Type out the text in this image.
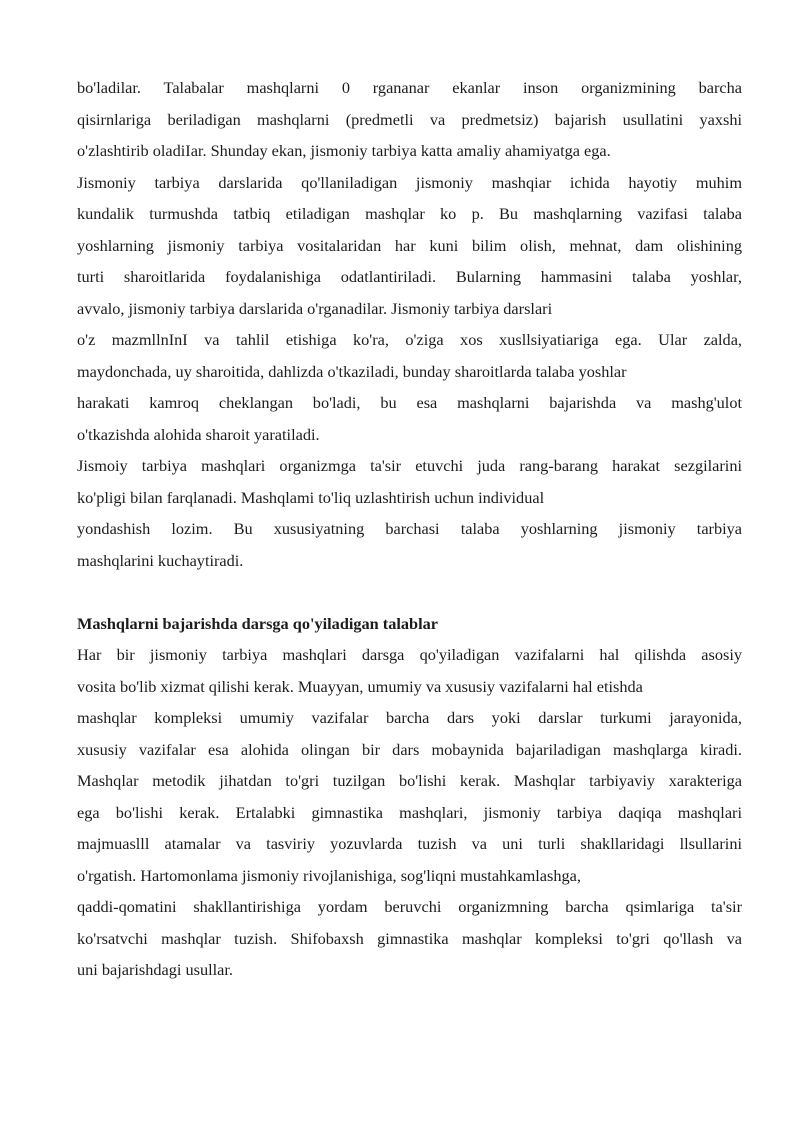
bo'ladilar. Talabalar mashqlarni 0 rgananar ekanlar inson organizmining barcha
qisirnlariga beriladigan mashqlarni (predmetli va predmetsiz) bajarish usullatini yaxshi
o'zlashtirib oladiIar. Shunday ekan, jismoniy tarbiya katta amaliy ahamiyatga ega.
Jismoniy tarbiya darslarida qo'llaniladigan jismoniy mashqiar ichida hayotiy muhim
kundalik turmushda tatbiq etiladigan mashqlar ko p. Bu mashqlarning vazifasi talaba
yoshlarning jismoniy tarbiya vositalaridan har kuni bilim olish, mehnat, dam olishining
turti sharoitlarida foydalanishiga odatlantiriladi. Bularning hammasini talaba yoshlar,
avvalo, jismoniy tarbiya darslarida o'rganadilar. Jismoniy tarbiya darslari
o'z mazmllnInI va tahlil etishiga ko'ra, o'ziga xos xusllsiyatiariga ega. Ular zalda,
maydonchada, uy sharoitida, dahlizda o'tkaziladi, bunday sharoitlarda talaba yoshlar
harakati kamroq cheklangan bo'ladi, bu esa mashqlarni bajarishda va mashg'ulot
o'tkazishda alohida sharoit yaratiladi.
Jismoiy tarbiya mashqlari organizmga ta'sir etuvchi juda rang-barang harakat sezgilarini
ko'pligi bilan farqlanadi. Mashqlami to'liq uzlashtirish uchun individual
yondashish lozim. Bu xususiyatning barchasi talaba yoshlarning jismoniy tarbiya
mashqlarini kuchaytiradi.
Mashqlarni bajarishda darsga qo'yiladigan talablar
Har bir jismoniy tarbiya mashqlari darsga qo'yiladigan vazifalarni hal qilishda asosiy
vosita bo'lib xizmat qilishi kerak. Muayyan, umumiy va xususiy vazifalarni hal etishda
mashqlar kompleksi umumiy vazifalar barcha dars yoki darslar turkumi jarayonida,
xususiy vazifalar esa alohida olingan bir dars mobaynida bajariladigan mashqlarga kiradi.
Mashqlar metodik jihatdan to'gri tuzilgan bo'lishi kerak. Mashqlar tarbiyaviy xarakteriga
ega bo'lishi kerak. Ertalabki gimnastika mashqlari, jismoniy tarbiya daqiqa mashqlari
majmuaslll atamalar va tasviriy yozuvlarda tuzish va uni turli shakllaridagi llsullarini
o'rgatish. Hartomonlama jismoniy rivojlanishiga, sog'liqni mustahkamlashga,
qaddi-qomatini shakllantirishiga yordam beruvchi organizmning barcha qsimlariga ta'sir
ko'rsatvchi mashqlar tuzish. Shifobaxsh gimnastika mashqlar kompleksi to'gri qo'llash va
uni bajarishdagi usullar.
